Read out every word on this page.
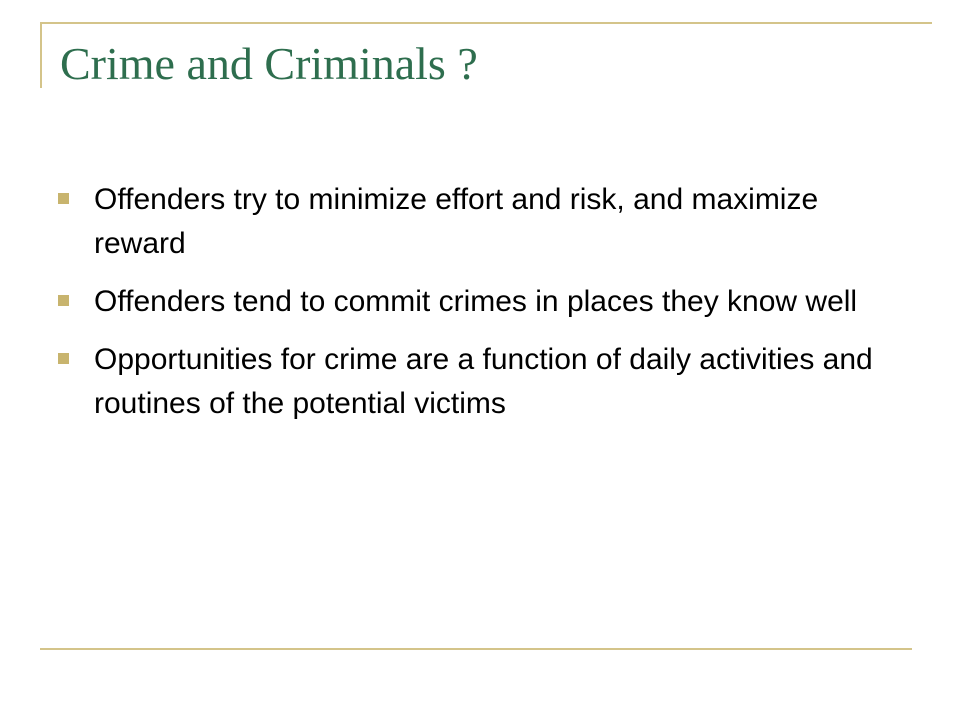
Crime and Criminals ?
Offenders try to minimize effort and risk, and maximize reward
Offenders tend to commit crimes in places they know well
Opportunities for crime are a function of daily activities and routines of the potential victims
